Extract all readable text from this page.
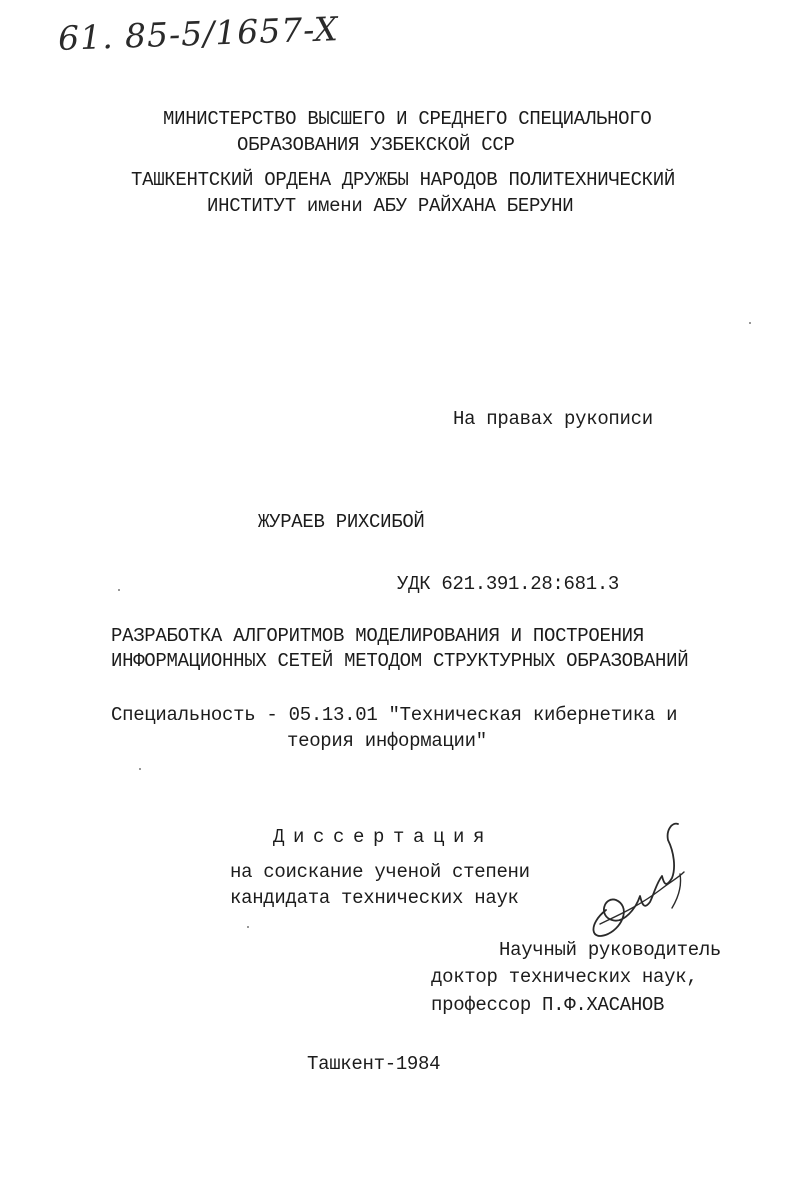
61. 85-5/1657-X
МИНИСТЕРСТВО ВЫСШЕГО И СРЕДНЕГО СПЕЦИАЛЬНОГО
ОБРАЗОВАНИЯ УЗБЕКСКОЙ ССР
ТАШКЕНТСКИЙ ОРДЕНА ДРУЖБЫ НАРОДОВ ПОЛИТЕХНИЧЕСКИЙ
ИНСТИТУТ имени АБУ РАЙХАНА БЕРУНИ
На правах рукописи
ЖУРАЕВ РИХСИБОЙ
УДК 621.391.28:681.3
РАЗРАБОТКА АЛГОРИТМОВ МОДЕЛИРОВАНИЯ И ПОСТРОЕНИЯ
ИНФОРМАЦИОННЫХ СЕТЕЙ МЕТОДОМ СТРУКТУРНЫХ ОБРАЗОВАНИЙ
Специальность - 05.13.01 "Техническая кибернетика и
теория информации"
Диссертация
на соискание ученой степени
кандидата технических наук
Научный руководитель
доктор технических наук,
профессор П.Ф.ХАСАНОВ
Ташкент-1984
